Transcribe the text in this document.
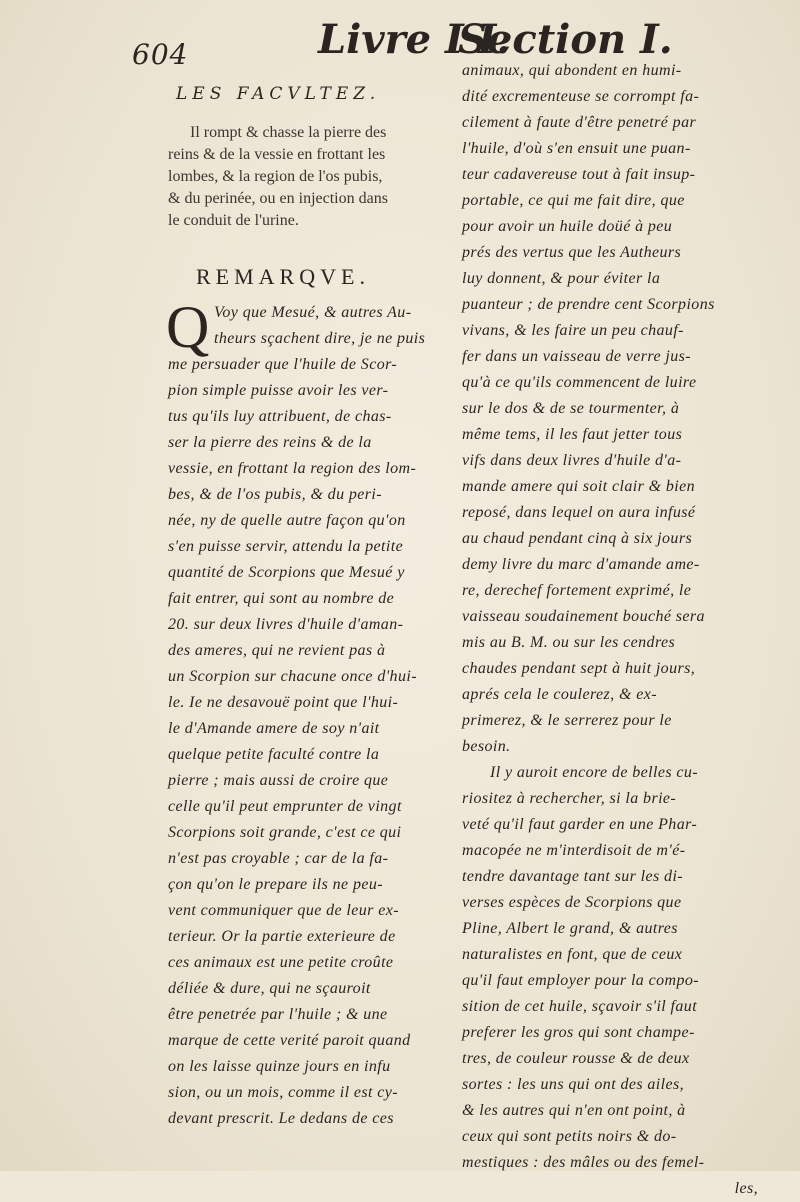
604	Livre I I.
Section I.
LES FACVLTEZ.
Il rompt & chasse la pierre des
reins & de la vessie en frottant les
lombes, & la region de l'os pubis,
& du perinée, ou en injection dans
le conduit de l'urine.
REMARQVE.
Q Voy que Mesué, & autres Au-
theurs sçachent dire, je ne puis
me persuader que l'huile de Scor-
pion simple puisse avoir les ver-
tus qu'ils luy attribuent, de chas-
ser la pierre des reins & de la
vessie, en frottant la region des lom-
bes, & de l'os pubis, & du peri-
née, ny de quelle autre façon qu'on
s'en puisse servir, attendu la petite
quantité de Scorpions que Mesué y
fait entrer, qui sont au nombre de
20. sur deux livres d'huile d'aman-
des ameres, qui ne revient pas à
un Scorpion sur chacune once d'hui-
le. Ie ne desavouë point que l'hui-
le d'Amande amere de soy n'ait
quelque petite faculté contre la
pierre ; mais aussi de croire que
celle qu'il peut emprunter de vingt
Scorpions soit grande, c'est ce qui
n'est pas croyable ; car de la fa-
çon qu'on le prepare ils ne peu-
vent communiquer que de leur ex-
terieur. Or la partie exterieure de
ces animaux est une petite croûte
déliée & dure, qui ne sçauroit
être penetrée par l'huile ; & une
marque de cette verité paroit quand
on les laisse quinze jours en infu
sion, ou un mois, comme il est cy-
devant prescrit. Le dedans de ces
animaux, qui abondent en humi-
dité excrementeuse se corrompt fa-
cilement à faute d'être penetré par
l'huile, d'où s'en ensuit une puan-
teur cadavereuse tout à fait insup-
portable, ce qui me fait dire, que
pour avoir un huile doüé à peu
prés des vertus que les Autheurs
luy donnent, & pour éviter la
puanteur ; de prendre cent Scorpions
vivans, & les faire un peu chauf-
fer dans un vaisseau de verre jus-
qu'à ce qu'ils commencent de luire
sur le dos & de se tourmenter, à
même tems, il les faut jetter tous
vifs dans deux livres d'huile d'a-
mande amere qui soit clair & bien
reposé, dans lequel on aura infusé
au chaud pendant cinq à six jours
demy livre du marc d'amande ame-
re, derechef fortement exprimé, le
vaisseau soudainement bouché sera
mis au B. M. ou sur les cendres
chaudes pendant sept à huit jours,
aprés cela le coulerez, & ex-
primerez, & le serrerez pour le
besoin.
Il y auroit encore de belles cu-
riositez à rechercher, si la brie-
veté qu'il faut garder en une Phar-
macopée ne m'interdisoit de m'é-
tendre davantage tant sur les di-
verses espèces de Scorpions que
Pline, Albert le grand, & autres
naturalistes en font, que de ceux
qu'il faut employer pour la compo-
sition de cet huile, sçavoir s'il faut
preferer les gros qui sont champe-
tres, de couleur rousse & de deux
sortes : les uns qui ont des ailes,
& les autres qui n'en ont point, à
ceux qui sont petits noirs & do-
mestiques : des mâles ou des femel-
les,
